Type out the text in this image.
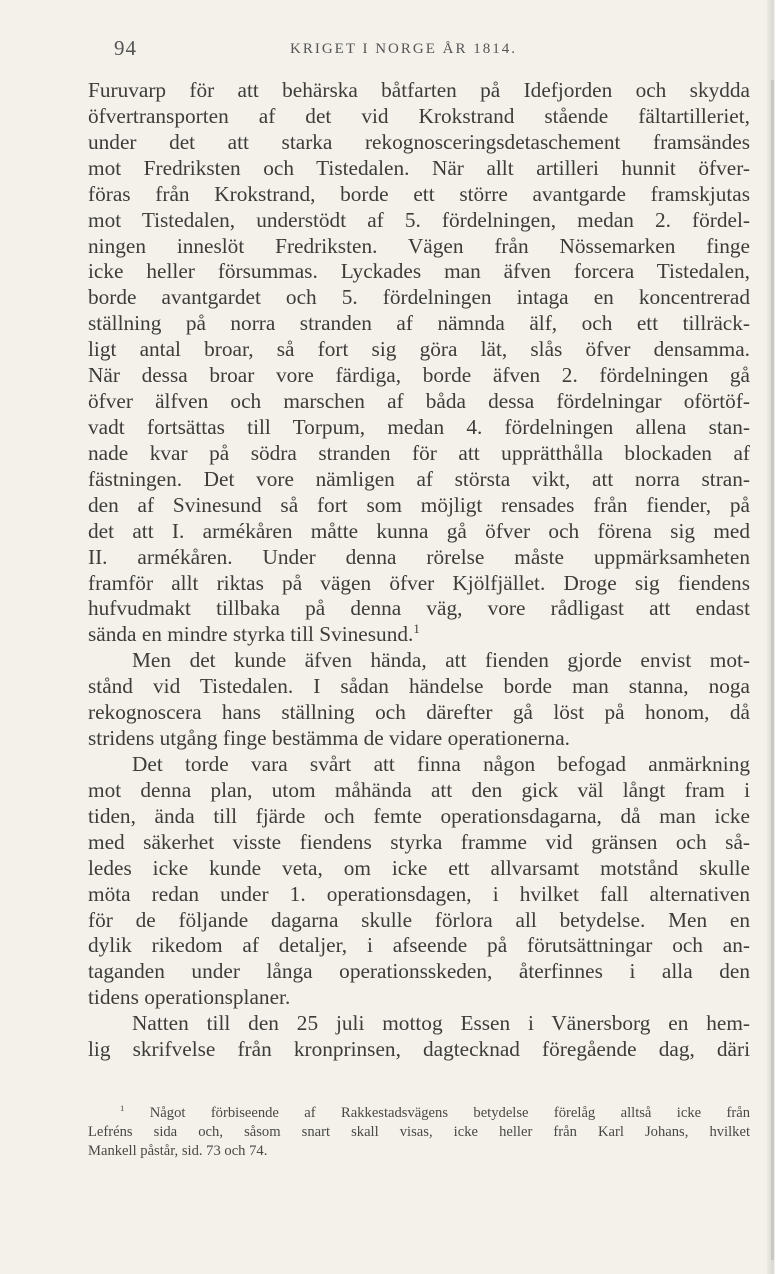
94	KRIGET I NORGE ÅR 1814.
Furuvarp för att behärska båtfarten på Idefjorden och skydda
öfvertransporten af det vid Krokstrand stående fältartilleriet,
under det att starka rekognosceringsdetaschement framsändes
mot Fredriksten och Tistedalen. När allt artilleri hunnit öfver-
föras från Krokstrand, borde ett större avantgarde framskjutas
mot Tistedalen, understödt af 5. fördelningen, medan 2. fördel-
ningen inneslöt Fredriksten. Vägen från Nössemarken finge
icke heller försummas. Lyckades man äfven forcera Tistedalen,
borde avantgardet och 5. fördelningen intaga en koncentrerad
ställning på norra stranden af nämnda älf, och ett tillräck-
ligt antal broar, så fort sig göra lät, slås öfver densamma.
När dessa broar vore färdiga, borde äfven 2. fördelningen gå
öfver älfven och marschen af båda dessa fördelningar oförtöf-
vadt fortsättas till Torpum, medan 4. fördelningen allena stan-
nade kvar på södra stranden för att upprätthålla blockaden af
fästningen. Det vore nämligen af största vikt, att norra stran-
den af Svinesund så fort som möjligt rensades från fiender, på
det att I. armékåren måtte kunna gå öfver och förena sig med
II. armékåren. Under denna rörelse måste uppmärksamheten
framför allt riktas på vägen öfver Kjölfjället. Droge sig fiendens
hufvudmakt tillbaka på denna väg, vore rådligast att endast
sända en mindre styrka till Svinesund.$^1$
Men det kunde äfven hända, att fienden gjorde envist mot-
stånd vid Tistedalen. I sådan händelse borde man stanna, noga
rekognoscera hans ställning och därefter gå löst på honom, då
stridens utgång finge bestämma de vidare operationerna.
Det torde vara svårt att finna någon befogad anmärkning
mot denna plan, utom måhända att den gick väl långt fram i
tiden, ända till fjärde och femte operationsdagarna, då man icke
med säkerhet visste fiendens styrka framme vid gränsen och så-
ledes icke kunde veta, om icke ett allvarsamt motstånd skulle
möta redan under 1. operationsdagen, i hvilket fall alternativen
för de följande dagarna skulle förlora all betydelse. Men en
dylik rikedom af detaljer, i afseende på förutsättningar och an-
taganden under långa operationsskeden, återfinnes i alla den
tidens operationsplaner.
Natten till den 25 juli mottog Essen i Vänersborg en hem-
lig skrifvelse från kronprinsen, dagtecknad föregående dag, däri
$^1$ Något förbiseende af Rakkestadsvägens betydelse förelåg alltså icke från
Lefréns sida och, såsom snart skall visas, icke heller från Karl Johans, hvilket
Mankell påstår, sid. 73 och 74.
